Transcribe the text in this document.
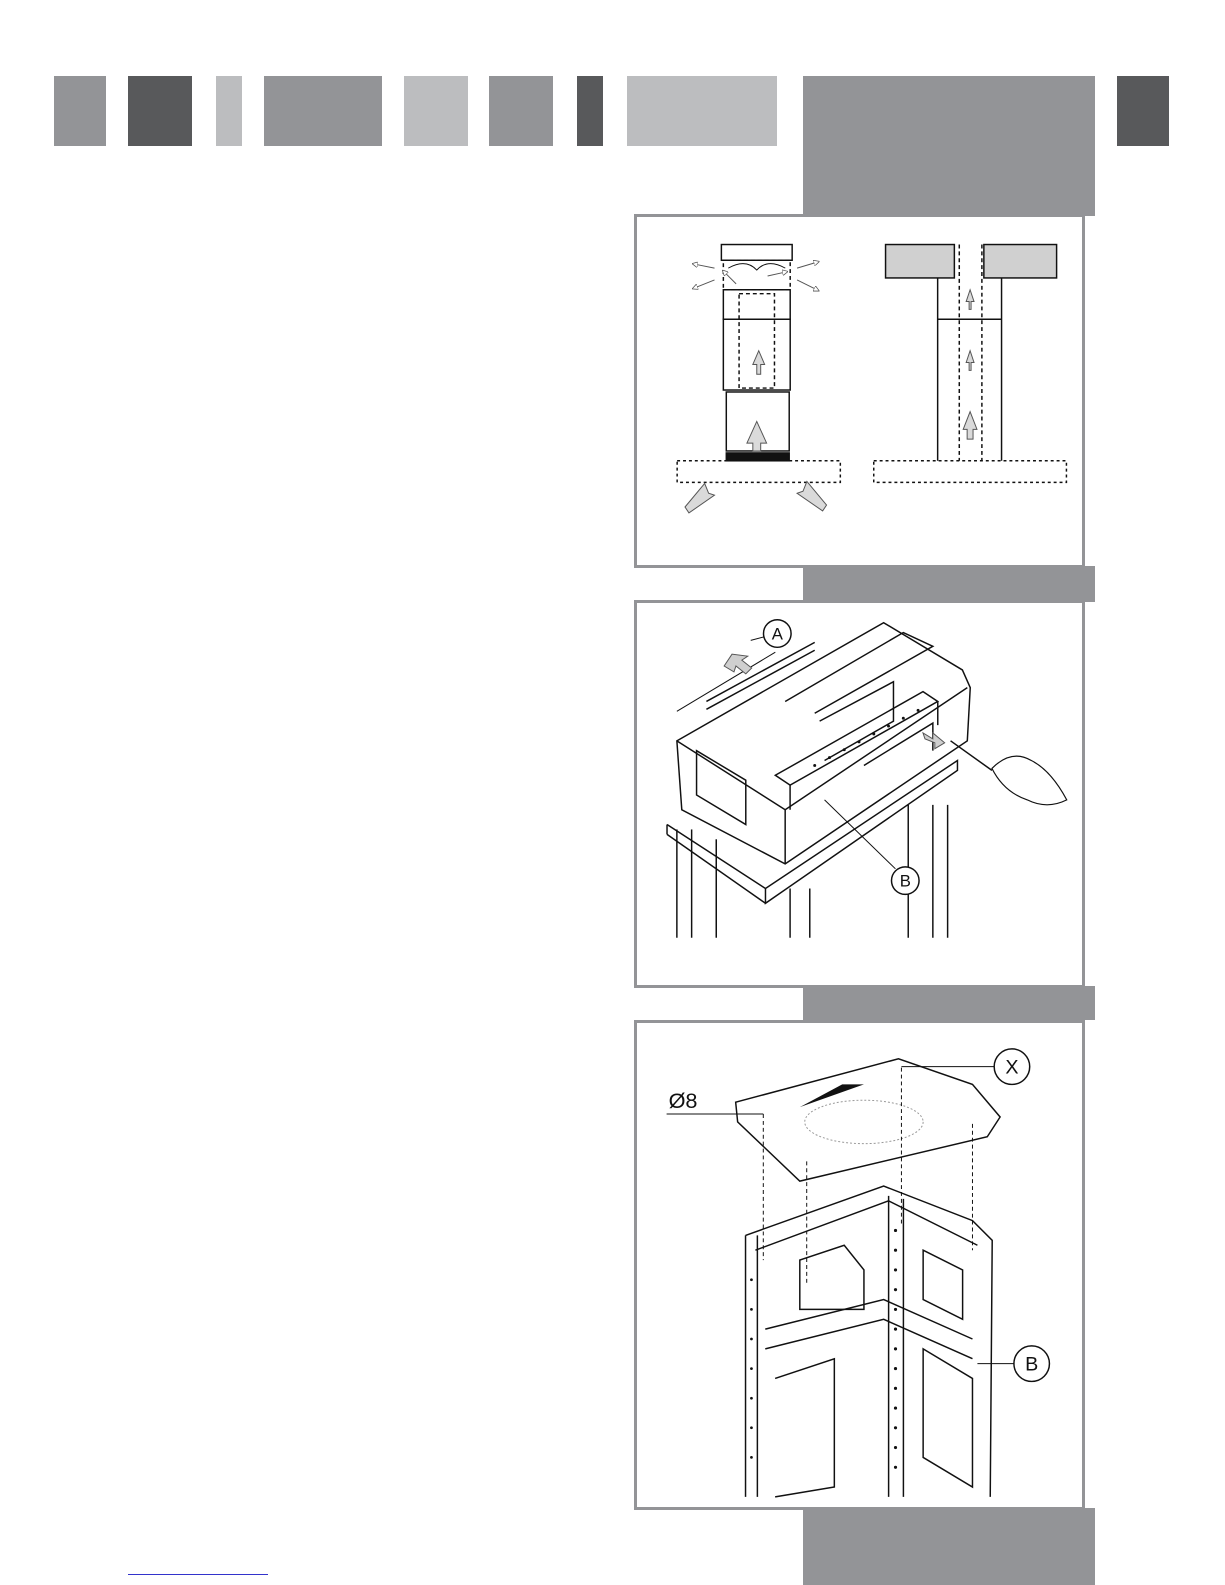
A
B
Ø8
X
B
